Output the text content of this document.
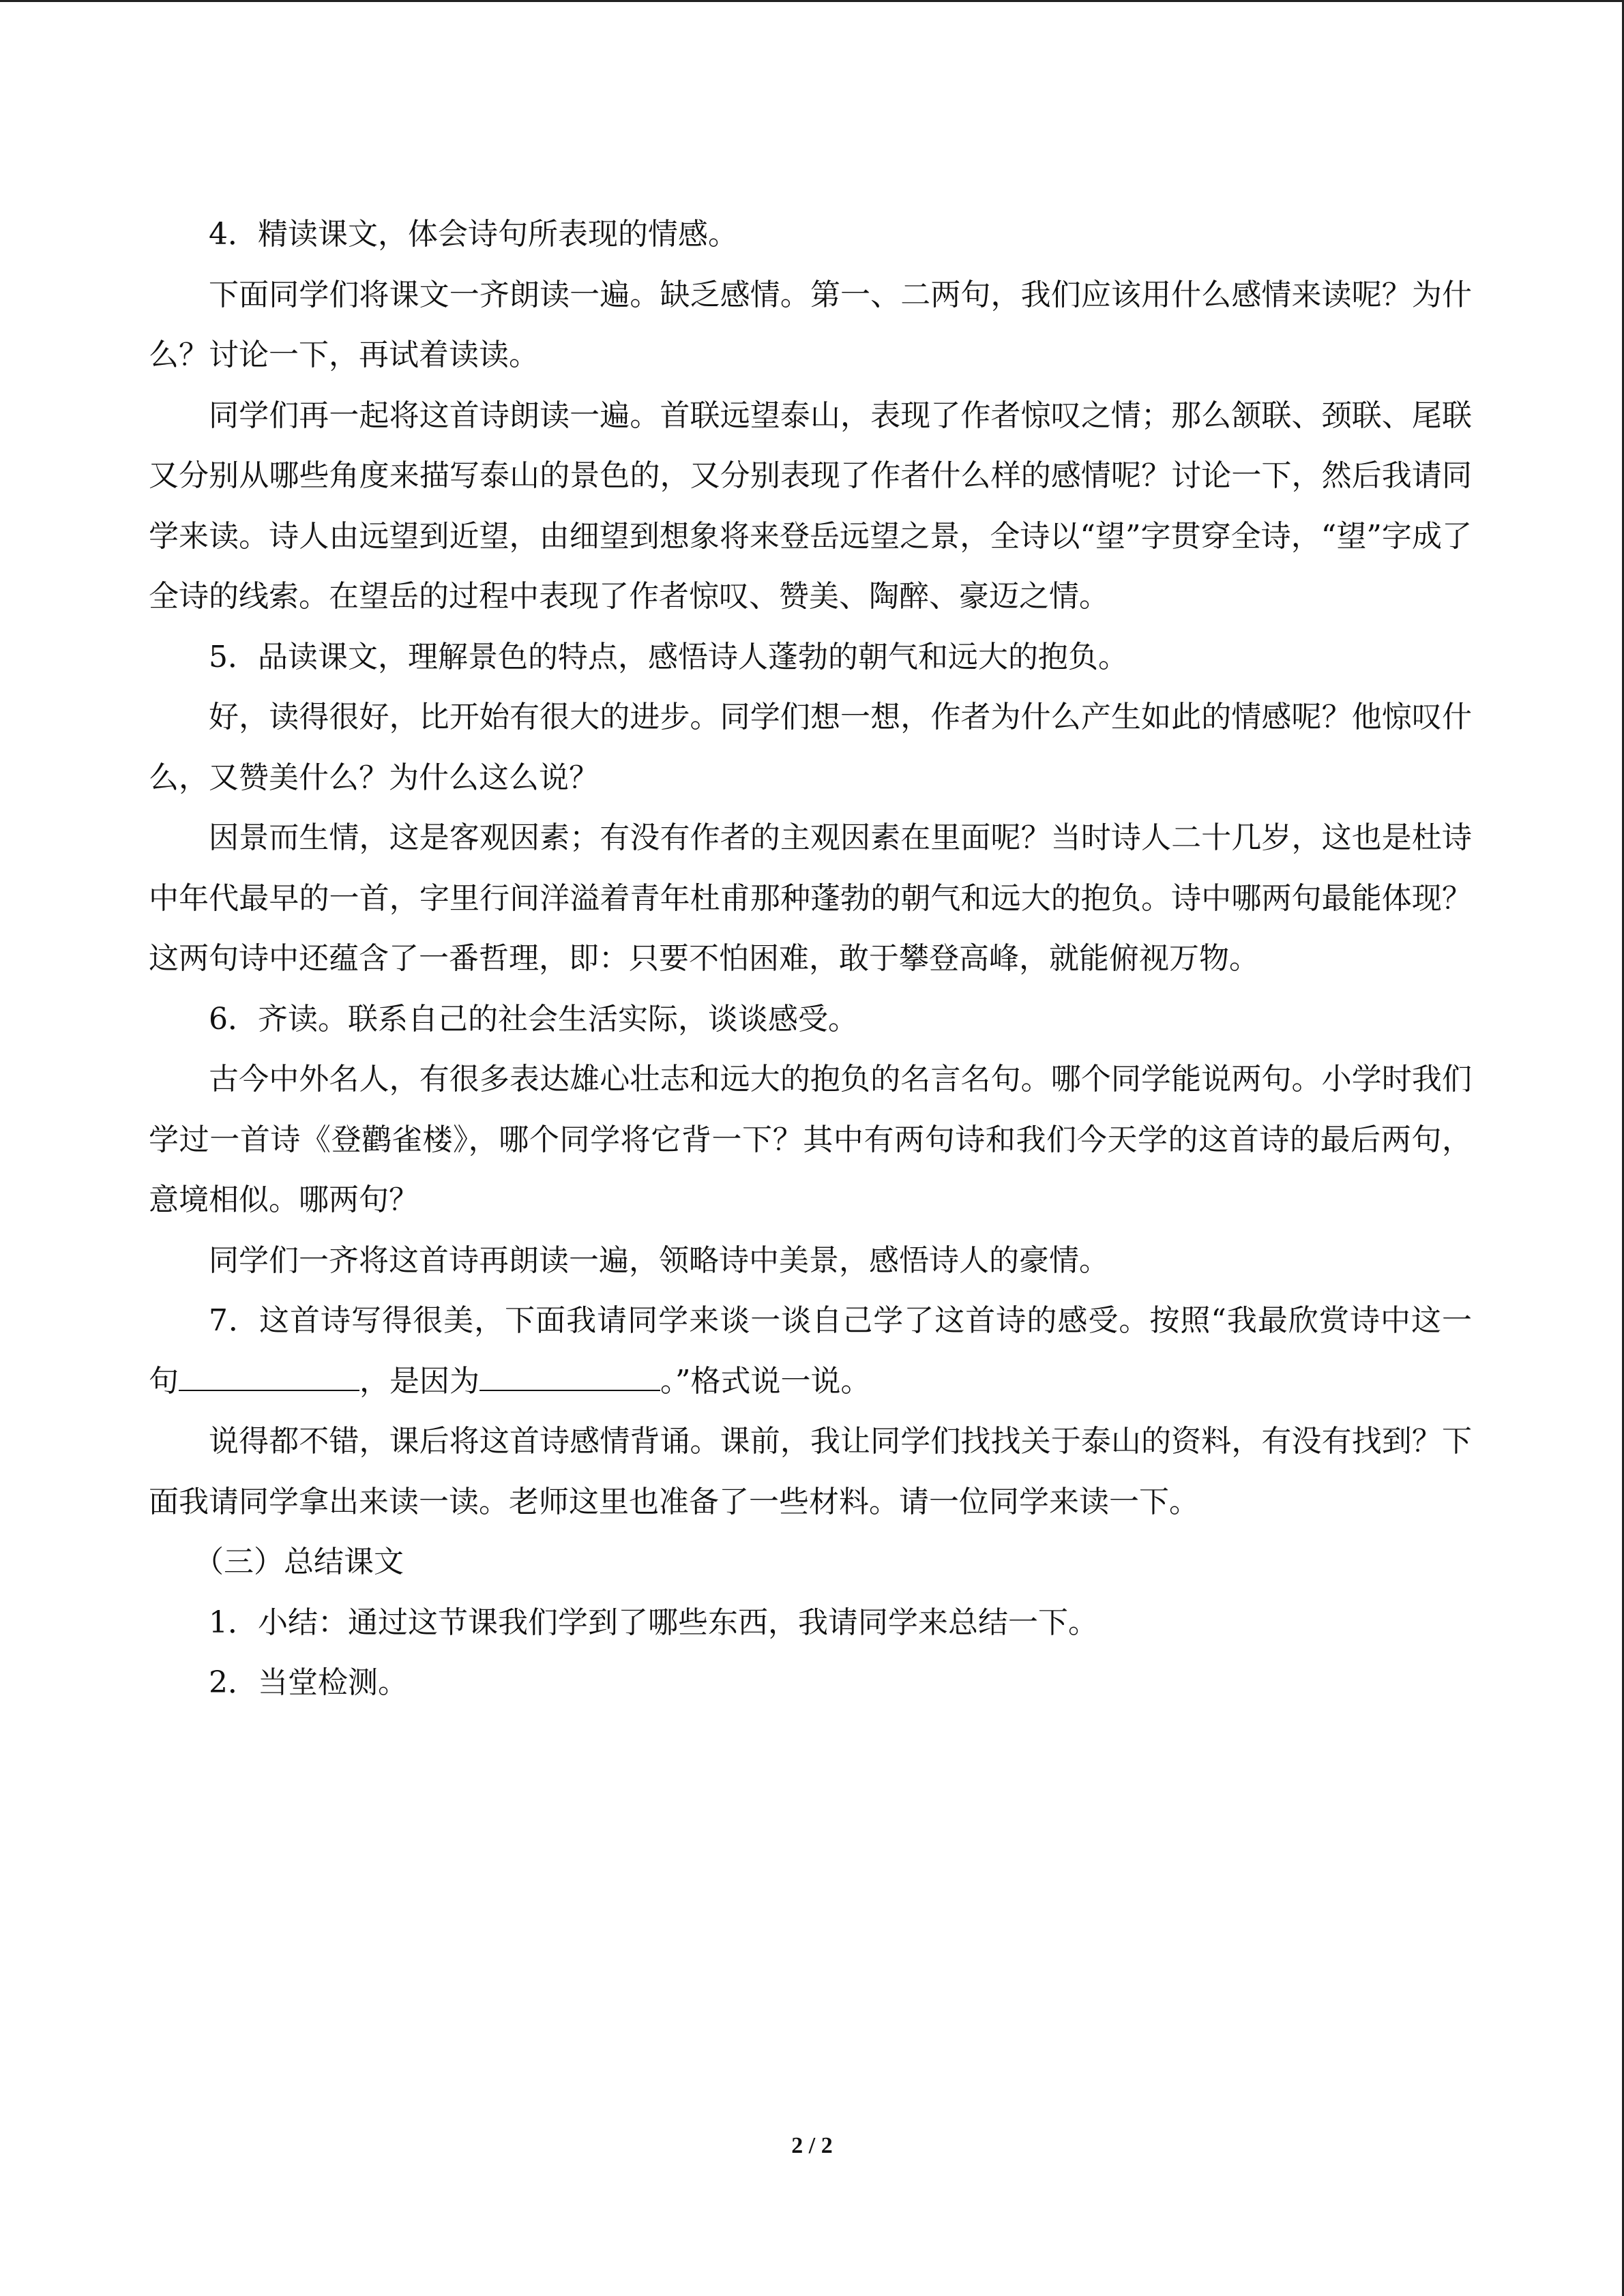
4．精读课文，体会诗句所表现的情感。

下面同学们将课文一齐朗读一遍。缺乏感情。第一、二两句，我们应该用什么感情来读呢？为什么？讨论一下，再试着读读。

同学们再一起将这首诗朗读一遍。首联远望泰山，表现了作者惊叹之情；那么颔联、颈联、尾联又分别从哪些角度来描写泰山的景色的，又分别表现了作者什么样的感情呢？讨论一下，然后我请同学来读。诗人由远望到近望，由细望到想象将来登岳远望之景，全诗以“望”字贯穿全诗，“望”字成了全诗的线索。在望岳的过程中表现了作者惊叹、赞美、陶醉、豪迈之情。

5．品读课文，理解景色的特点，感悟诗人蓬勃的朝气和远大的抱负。

好，读得很好，比开始有很大的进步。同学们想一想，作者为什么产生如此的情感呢？他惊叹什么，又赞美什么？为什么这么说？

因景而生情，这是客观因素；有没有作者的主观因素在里面呢？当时诗人二十几岁，这也是杜诗中年代最早的一首，字里行间洋溢着青年杜甫那种蓬勃的朝气和远大的抱负。诗中哪两句最能体现？这两句诗中还蕴含了一番哲理，即：只要不怕困难，敢于攀登高峰，就能俯视万物。

6．齐读。联系自己的社会生活实际，谈谈感受。

古今中外名人，有很多表达雄心壮志和远大的抱负的名言名句。哪个同学能说两句。小学时我们学过一首诗《登鹳雀楼》，哪个同学将它背一下？其中有两句诗和我们今天学的这首诗的最后两句，意境相似。哪两句？

同学们一齐将这首诗再朗读一遍，领略诗中美景，感悟诗人的豪情。

7．这首诗写得很美，下面我请同学来谈一谈自己学了这首诗的感受。按照“我最欣赏诗中这一句	，是因为	。”格式说一说。

说得都不错，课后将这首诗感情背诵。课前，我让同学们找找关于泰山的资料，有没有找到？下面我请同学拿出来读一读。老师这里也准备了一些材料。请一位同学来读一下。

（三）总结课文

1．小结：通过这节课我们学到了哪些东西，我请同学来总结一下。

2．当堂检测。

2 / 2
